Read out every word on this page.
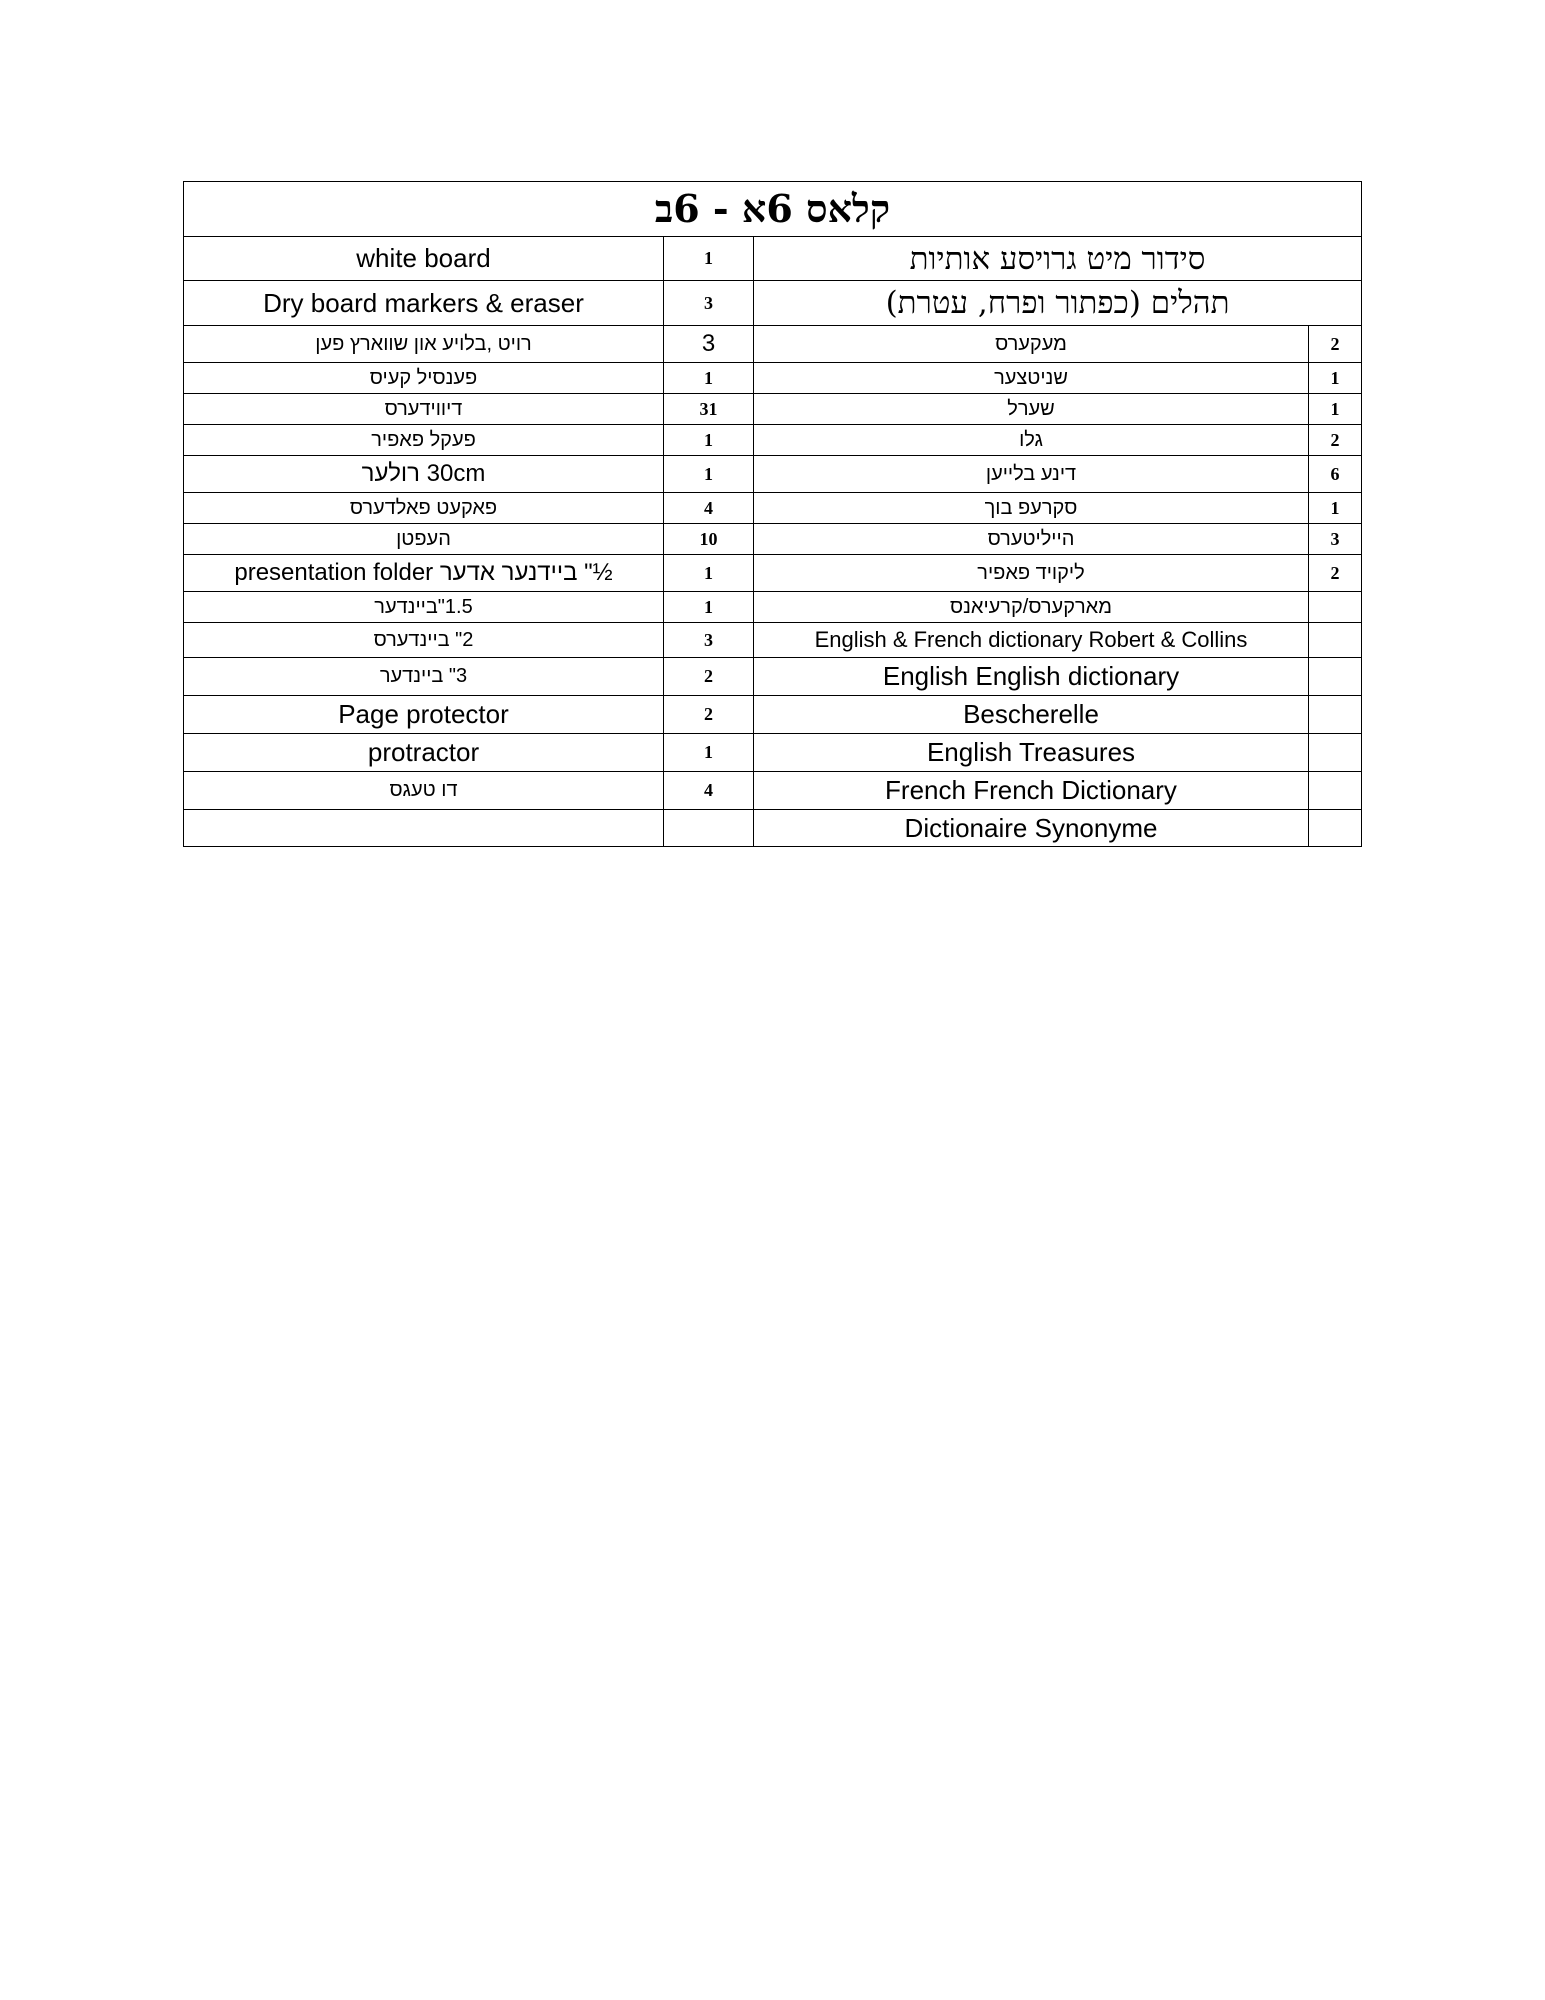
קלאס 6א - 6ב			
white board	1	סידור מיט גרויסע אותיות	
Dry board markers & eraser	3	תהלים (כפתור ופרח, עטרת)	
רויט ,בלויע און שווארץ פען	3	מעקערס	2
פענסיל קעיס	1	שניטצער	1
דיווידערס	31	שערל	1
פעקל פאפיר	1	גלו	2
30cm רולער	1	דינע בלייען	6
פאקעט פאלדערס	4	סקרעפ בוך	1
העפטן	10	הייליטערס	3
½" ביידנער אדער presentation folder	1	ליקויד פאפיר	2
1.5"ביינדער	1	מארקערס/קרעיאנס	
2" ביינדערס	3	English & French dictionary Robert & Collins	
3" ביינדער	2	English English dictionary	
Page protector	2	Bescherelle	
protractor	1	English Treasures	
דו טעגס	4	French French Dictionary	
		Dictionaire Synonyme	
